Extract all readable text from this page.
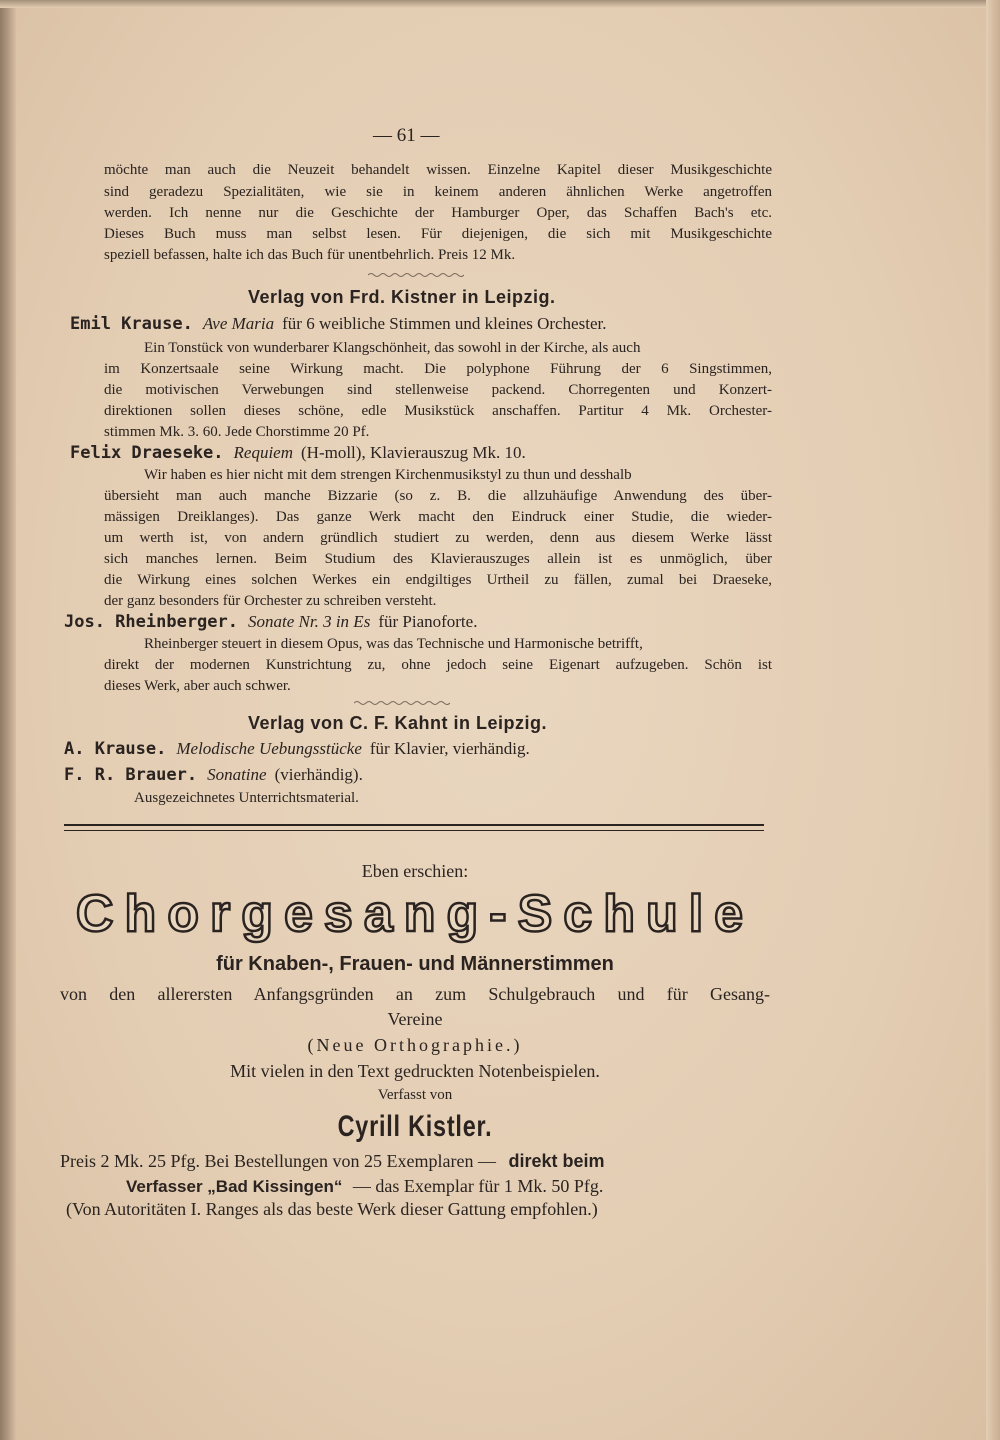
— 61 —
möchte man auch die Neuzeit behandelt wissen. Einzelne Kapitel dieser Musikgeschichte
sind geradezu Spezialitäten, wie sie in keinem anderen ähnlichen Werke angetroffen
werden. Ich nenne nur die Geschichte der Hamburger Oper, das Schaffen Bach's etc.
Dieses Buch muss man selbst lesen. Für diejenigen, die sich mit Musikgeschichte
speziell befassen, halte ich das Buch für unentbehrlich. Preis 12 Mk.
Verlag von Frd. Kistner in Leipzig.
Emil Krause. Ave Maria für 6 weibliche Stimmen und kleines Orchester.
Ein Tonstück von wunderbarer Klangschönheit, das sowohl in der Kirche, als auch
im Konzertsaale seine Wirkung macht. Die polyphone Führung der 6 Singstimmen,
die motivischen Verwebungen sind stellenweise packend. Chorregenten und Konzert-
direktionen sollen dieses schöne, edle Musikstück anschaffen. Partitur 4 Mk. Orchester-
stimmen Mk. 3. 60. Jede Chorstimme 20 Pf.
Felix Draeseke. Requiem (H-moll), Klavierauszug Mk. 10.
Wir haben es hier nicht mit dem strengen Kirchenmusikstyl zu thun und desshalb
übersieht man auch manche Bizzarie (so z. B. die allzuhäufige Anwendung des über-
mässigen Dreiklanges). Das ganze Werk macht den Eindruck einer Studie, die wieder-
um werth ist, von andern gründlich studiert zu werden, denn aus diesem Werke lässt
sich manches lernen. Beim Studium des Klavierauszuges allein ist es unmöglich, über
die Wirkung eines solchen Werkes ein endgiltiges Urtheil zu fällen, zumal bei Draeseke,
der ganz besonders für Orchester zu schreiben versteht.
Jos. Rheinberger. Sonate Nr. 3 in Es für Pianoforte.
Rheinberger steuert in diesem Opus, was das Technische und Harmonische betrifft,
direkt der modernen Kunstrichtung zu, ohne jedoch seine Eigenart aufzugeben. Schön ist
dieses Werk, aber auch schwer.
Verlag von C. F. Kahnt in Leipzig.
A. Krause. Melodische Uebungsstücke für Klavier, vierhändig.
F. R. Brauer. Sonatine (vierhändig).
Ausgezeichnetes Unterrichtsmaterial.
Eben erschien:
Chorgesang-Schule
für Knaben-, Frauen- und Männerstimmen
von den allerersten Anfangsgründen an zum Schulgebrauch und für Gesang-
Vereine
(Neue Orthographie.)
Mit vielen in den Text gedruckten Notenbeispielen.
Verfasst von
Cyrill Kistler.
Preis 2 Mk. 25 Pfg. Bei Bestellungen von 25 Exemplaren — direkt beim
Verfasser „Bad Kissingen“ — das Exemplar für 1 Mk. 50 Pfg.
(Von Autoritäten I. Ranges als das beste Werk dieser Gattung empfohlen.)
